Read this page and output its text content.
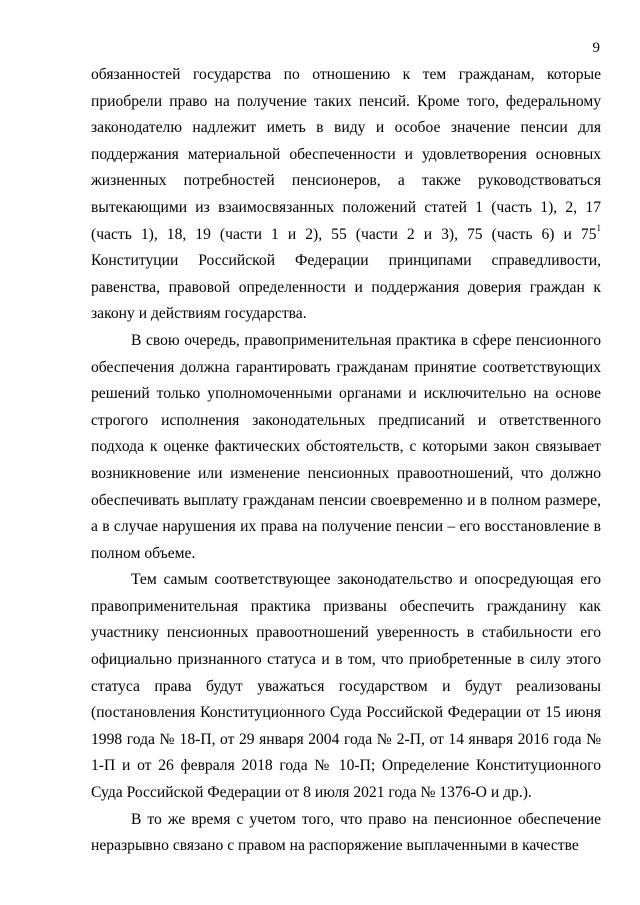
9

обязанностей государства по отношению к тем гражданам, которые приобрели право на получение таких пенсий. Кроме того, федеральному законодателю надлежит иметь в виду и особое значение пенсии для поддержания материальной обеспеченности и удовлетворения основных жизненных потребностей пенсионеров, а также руководствоваться вытекающими из взаимосвязанных положений статей 1 (часть 1), 2, 17 (часть 1), 18, 19 (части 1 и 2), 55 (части 2 и 3), 75 (часть 6) и $75^1$ Конституции Российской Федерации принципами справедливости, равенства, правовой определенности и поддержания доверия граждан к закону и действиям государства.

В свою очередь, правоприменительная практика в сфере пенсионного обеспечения должна гарантировать гражданам принятие соответствующих решений только уполномоченными органами и исключительно на основе строгого исполнения законодательных предписаний и ответственного подхода к оценке фактических обстоятельств, с которыми закон связывает возникновение или изменение пенсионных правоотношений, что должно обеспечивать выплату гражданам пенсии своевременно и в полном размере, а в случае нарушения их права на получение пенсии – его восстановление в полном объеме.

Тем самым соответствующее законодательство и опосредующая его правоприменительная практика призваны обеспечить гражданину как участнику пенсионных правоотношений уверенность в стабильности его официально признанного статуса и в том, что приобретенные в силу этого статуса права будут уважаться государством и будут реализованы (постановления Конституционного Суда Российской Федерации от 15 июня 1998 года № 18-П, от 29 января 2004 года № 2-П, от 14 января 2016 года № 1-П и от 26 февраля 2018 года № 10-П; Определение Конституционного Суда Российской Федерации от 8 июля 2021 года № 1376-О и др.).

В то же время с учетом того, что право на пенсионное обеспечение неразрывно связано с правом на распоряжение выплаченными в качестве
